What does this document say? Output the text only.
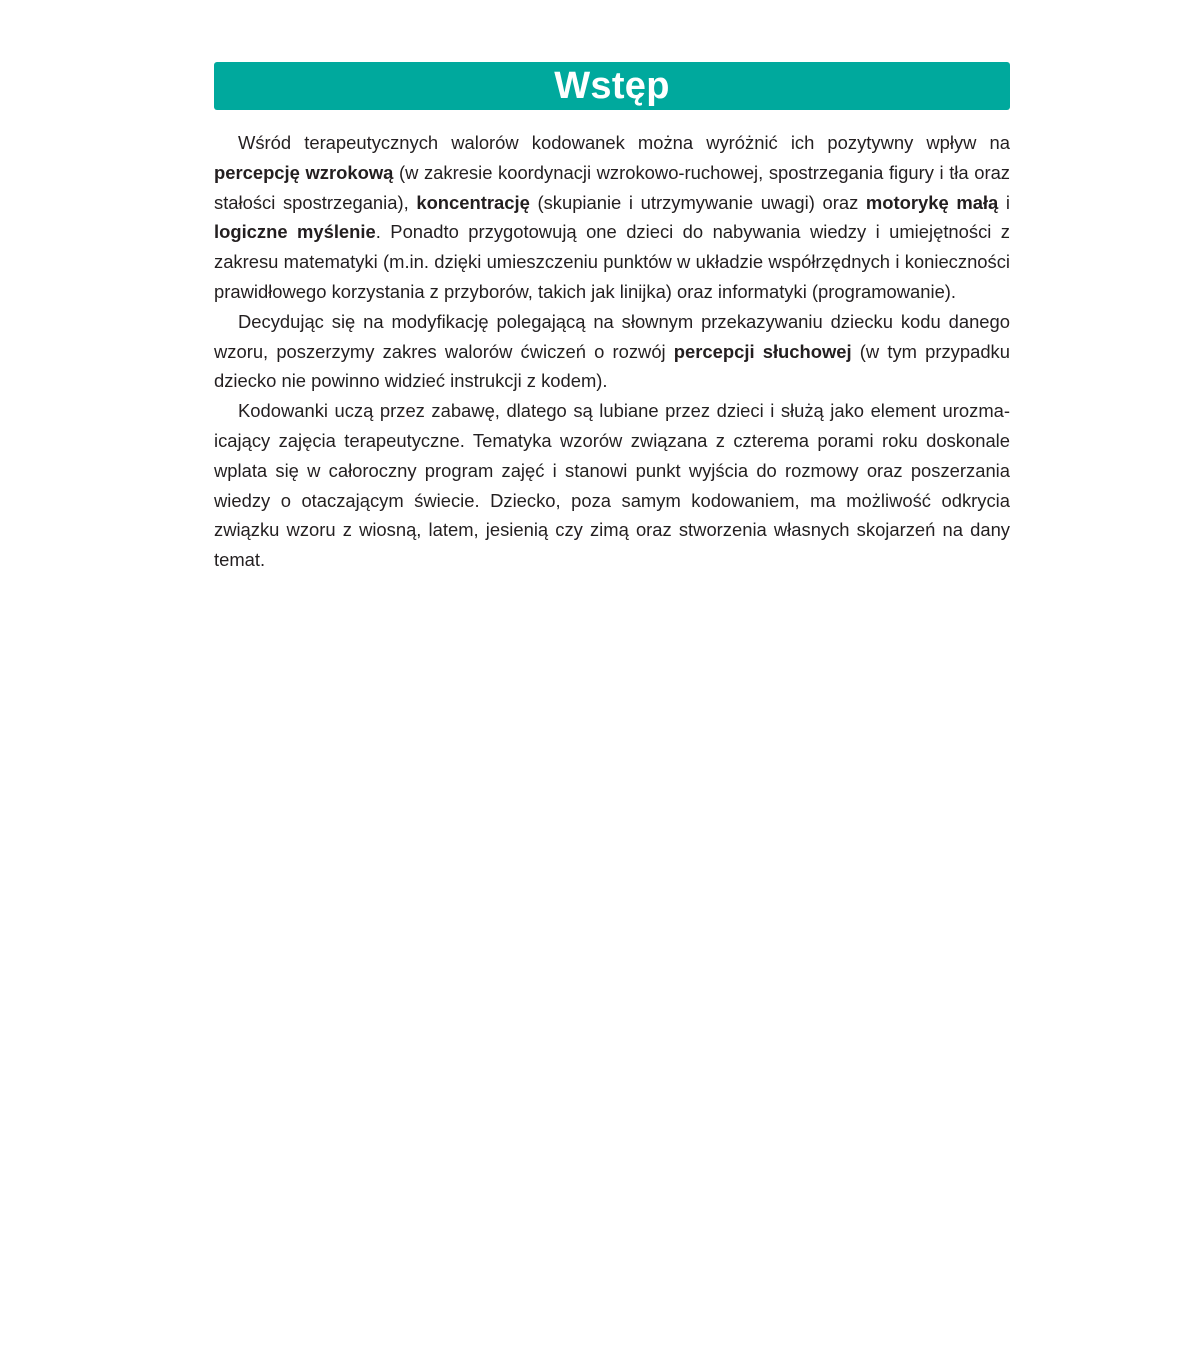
Wstęp

Wśród terapeutycznych walorów kodowanek można wyróżnić ich pozytywny wpływ na percepcję wzrokową (w zakresie koordynacji wzrokowo-ruchowej, spostrzegania figury i tła oraz stałości spostrzegania), koncentrację (skupianie i utrzymywanie uwagi) oraz motorykę małą i logiczne myślenie. Ponadto przygotowują one dzieci do nabywania wiedzy i umiejętności z zakresu matematyki (m.in. dzięki umieszczeniu punktów w układzie współrzędnych i konieczności prawidłowego korzystania z przyborów, takich jak linijka) oraz informatyki (programowanie).

Decydując się na modyfikację polegającą na słownym przekazywaniu dziecku kodu danego wzoru, poszerzymy zakres walorów ćwiczeń o rozwój percepcji słuchowej (w tym przypadku dziecko nie powinno widzieć instrukcji z kodem).

Kodowanki uczą przez zabawę, dlatego są lubiane przez dzieci i służą jako element urozmaicający zajęcia terapeutyczne. Tematyka wzorów związana z czterema porami roku doskonale wplata się w całoroczny program zajęć i stanowi punkt wyjścia do rozmowy oraz poszerzania wiedzy o otaczającym świecie. Dziecko, poza samym kodowaniem, ma możliwość odkrycia związku wzoru z wiosną, latem, jesienią czy zimą oraz stworzenia własnych skojarzeń na dany temat.
